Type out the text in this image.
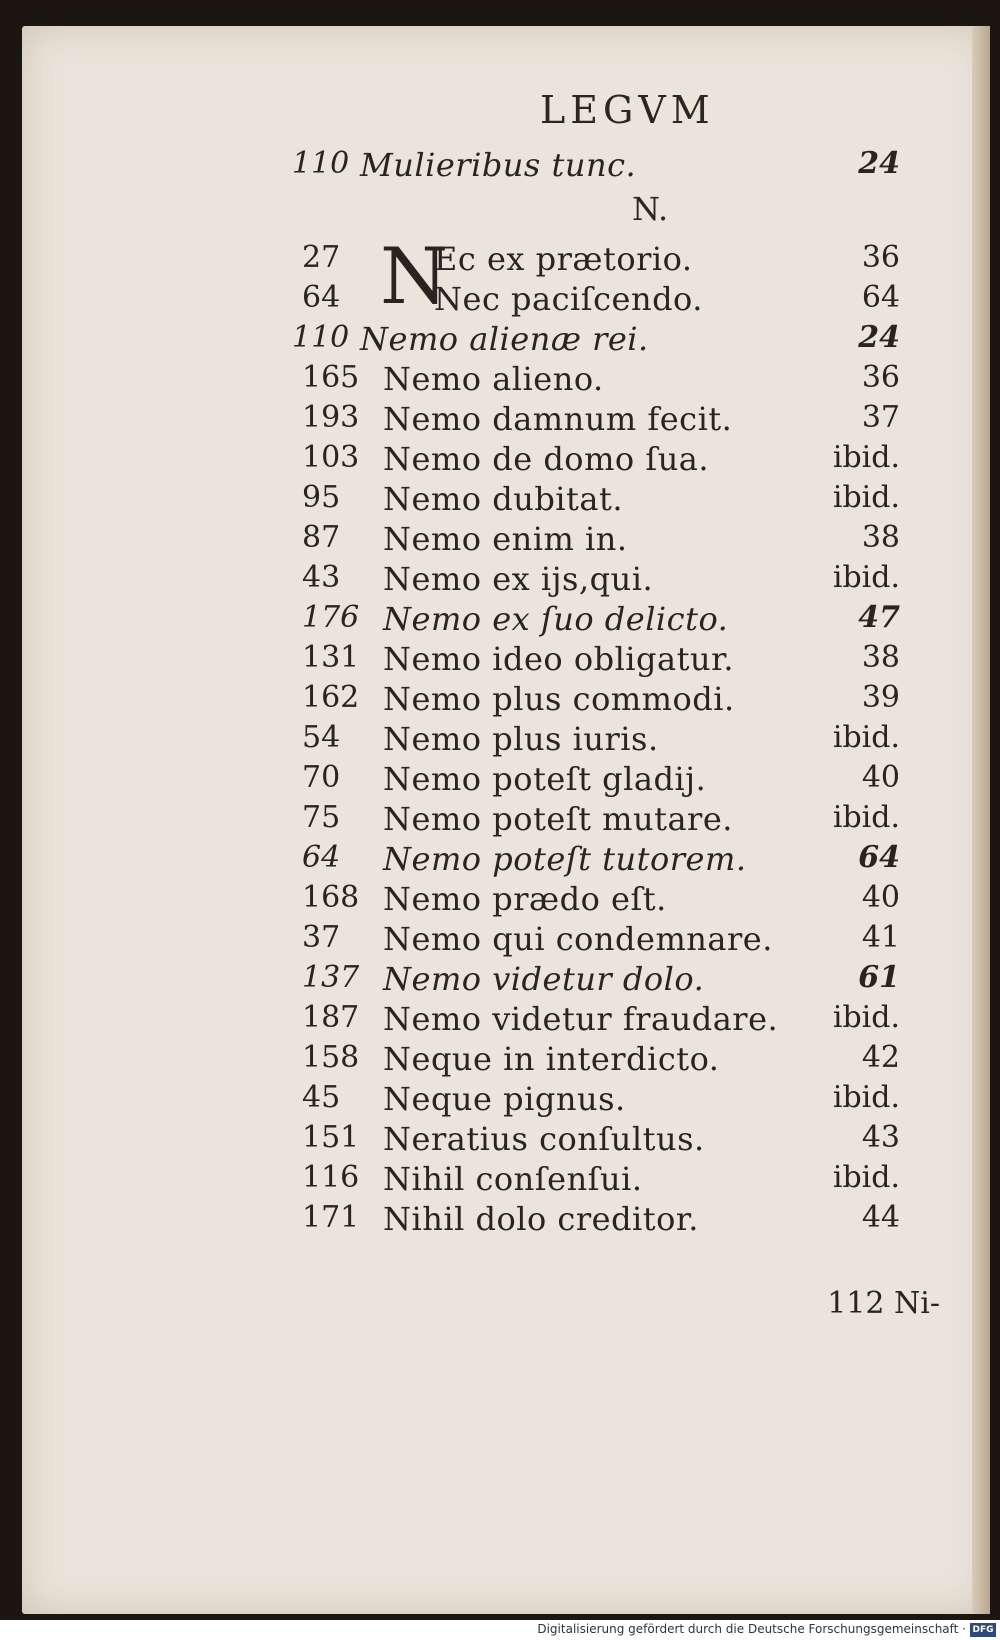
LEGVM
N.
N
110 Mulieribus tunc.	24
27	Ec ex prætorio.	36
64	Nec paciſcendo.	64
110 Nemo alienæ rei.	24
165 Nemo alieno.	36
193 Nemo damnum fecit.	37
103 Nemo de domo ſua.	ibid.
95 Nemo dubitat.	ibid.
87 Nemo enim in.	38
43 Nemo ex ijs,qui.	ibid.
176 Nemo ex ſuo delicto.	47
131 Nemo ideo obligatur.	38
162 Nemo plus commodi.	39
54 Nemo plus iuris.	ibid.
70 Nemo poteſt gladij.	40
75 Nemo poteſt mutare.	ibid.
64 Nemo poteſt tutorem.	64
168 Nemo prædo eſt.	40
37 Nemo qui condemnare.	41
137 Nemo videtur dolo.	61
187 Nemo videtur fraudare. ibid.
158 Neque in interdicto.	42
45 Neque pignus.	ibid.
151 Neratius conſultus.	43
116 Nihil conſenſui.	ibid.
171 Nihil dolo creditor.	44
112 Ni-
Digitalisierung gefördert durch die Deutsche Forschungsgemeinschaft · DFG
